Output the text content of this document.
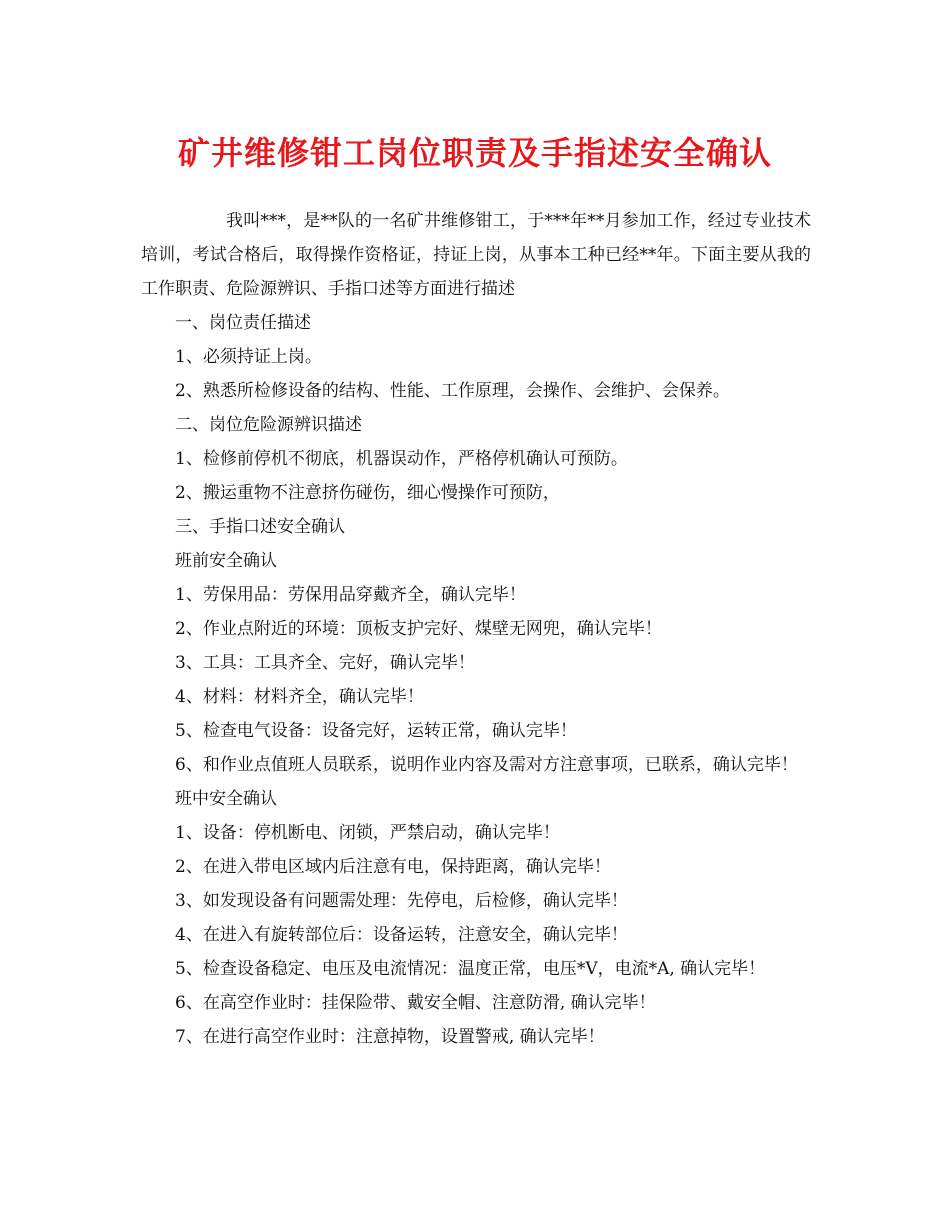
矿井维修钳工岗位职责及手指述安全确认

我叫***，是**队的一名矿井维修钳工，于***年**月参加工作，经过专业技术培训，考试合格后，取得操作资格证，持证上岗，从事本工种已经**年。下面主要从我的工作职责、危险源辨识、手指口述等方面进行描述

一、岗位责任描述

1、必须持证上岗。

2、熟悉所检修设备的结构、性能、工作原理，会操作、会维护、会保养。

二、岗位危险源辨识描述

1、检修前停机不彻底，机器误动作，严格停机确认可预防。

2、搬运重物不注意挤伤碰伤，细心慢操作可预防，

三、手指口述安全确认

班前安全确认

1、劳保用品：劳保用品穿戴齐全，确认完毕！

2、作业点附近的环境：顶板支护完好、煤壁无网兜，确认完毕！

3、工具：工具齐全、完好，确认完毕！

4、材料：材料齐全，确认完毕！

5、检查电气设备：设备完好，运转正常，确认完毕！

6、和作业点值班人员联系，说明作业内容及需对方注意事项，已联系，确认完毕！

班中安全确认

1、设备：停机断电、闭锁，严禁启动，确认完毕！

2、在进入带电区域内后注意有电，保持距离，确认完毕！

3、如发现设备有问题需处理：先停电，后检修，确认完毕！

4、在进入有旋转部位后：设备运转，注意安全，确认完毕！

5、检查设备稳定、电压及电流情况：温度正常，电压*V，电流*A, 确认完毕！

6、在高空作业时：挂保险带、戴安全帽、注意防滑, 确认完毕！

7、在进行高空作业时：注意掉物，设置警戒, 确认完毕！
